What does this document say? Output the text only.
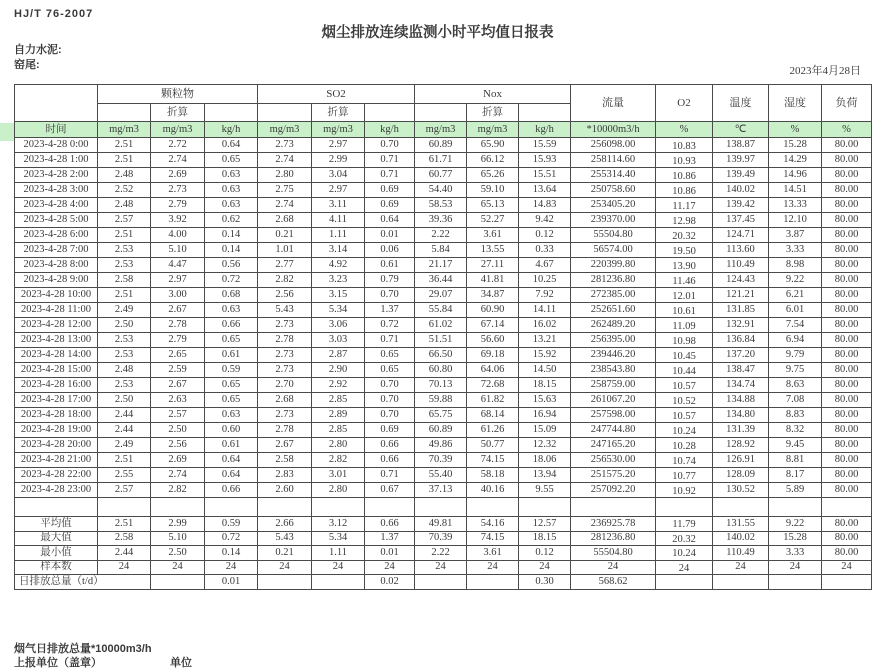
HJ/T 76-2007
烟尘排放连续监测小时平均值日报表
自力水泥:
窑尾:	2023年4月28日
	颗粒物			SO2			Nox			流量	O2	温度	湿度	负荷
		折算			折算			折算						
时间	mg/m3	mg/m3	kg/h	mg/m3	mg/m3	kg/h	mg/m3	mg/m3	kg/h	*10000m3/h	%	℃	%	%
2023-4-28 0:00	2.51	2.72	0.64	2.73	2.97	0.70	60.89	65.90	15.59	256098.00	10.83	138.87	15.28	80.00
2023-4-28 1:00	2.51	2.74	0.65	2.74	2.99	0.71	61.71	66.12	15.93	258114.60	10.93	139.97	14.29	80.00
2023-4-28 2:00	2.48	2.69	0.63	2.80	3.04	0.71	60.77	65.26	15.51	255314.40	10.86	139.49	14.96	80.00
2023-4-28 3:00	2.52	2.73	0.63	2.75	2.97	0.69	54.40	59.10	13.64	250758.60	10.86	140.02	14.51	80.00
2023-4-28 4:00	2.48	2.79	0.63	2.74	3.11	0.69	58.53	65.13	14.83	253405.20	11.17	139.42	13.33	80.00
2023-4-28 5:00	2.57	3.92	0.62	2.68	4.11	0.64	39.36	52.27	9.42	239370.00	12.98	137.45	12.10	80.00
2023-4-28 6:00	2.51	4.00	0.14	0.21	1.11	0.01	2.22	3.61	0.12	55504.80	20.32	124.71	3.87	80.00
2023-4-28 7:00	2.53	5.10	0.14	1.01	3.14	0.06	5.84	13.55	0.33	56574.00	19.50	113.60	3.33	80.00
2023-4-28 8:00	2.53	4.47	0.56	2.77	4.92	0.61	21.17	27.11	4.67	220399.80	13.90	110.49	8.98	80.00
2023-4-28 9:00	2.58	2.97	0.72	2.82	3.23	0.79	36.44	41.81	10.25	281236.80	11.46	124.43	9.22	80.00
2023-4-28 10:00	2.51	3.00	0.68	2.56	3.15	0.70	29.07	34.87	7.92	272385.00	12.01	121.21	6.21	80.00
2023-4-28 11:00	2.49	2.67	0.63	5.43	5.34	1.37	55.84	60.90	14.11	252651.60	10.61	131.85	6.01	80.00
2023-4-28 12:00	2.50	2.78	0.66	2.73	3.06	0.72	61.02	67.14	16.02	262489.20	11.09	132.91	7.54	80.00
2023-4-28 13:00	2.53	2.79	0.65	2.78	3.03	0.71	51.51	56.60	13.21	256395.00	10.98	136.84	6.94	80.00
2023-4-28 14:00	2.53	2.65	0.61	2.73	2.87	0.65	66.50	69.18	15.92	239446.20	10.45	137.20	9.79	80.00
2023-4-28 15:00	2.48	2.59	0.59	2.73	2.90	0.65	60.80	64.06	14.50	238543.80	10.44	138.47	9.75	80.00
2023-4-28 16:00	2.53	2.67	0.65	2.70	2.92	0.70	70.13	72.68	18.15	258759.00	10.57	134.74	8.63	80.00
2023-4-28 17:00	2.50	2.63	0.65	2.68	2.85	0.70	59.88	61.82	15.63	261067.20	10.52	134.88	7.08	80.00
2023-4-28 18:00	2.44	2.57	0.63	2.73	2.89	0.70	65.75	68.14	16.94	257598.00	10.57	134.80	8.83	80.00
2023-4-28 19:00	2.44	2.50	0.60	2.78	2.85	0.69	60.89	61.26	15.09	247744.80	10.24	131.39	8.32	80.00
2023-4-28 20:00	2.49	2.56	0.61	2.67	2.80	0.66	49.86	50.77	12.32	247165.20	10.28	128.92	9.45	80.00
2023-4-28 21:00	2.51	2.69	0.64	2.58	2.82	0.66	70.39	74.15	18.06	256530.00	10.74	126.91	8.81	80.00
2023-4-28 22:00	2.55	2.74	0.64	2.83	3.01	0.71	55.40	58.18	13.94	251575.20	10.77	128.09	8.17	80.00
2023-4-28 23:00	2.57	2.82	0.66	2.60	2.80	0.67	37.13	40.16	9.55	257092.20	10.92	130.52	5.89	80.00

平均值	2.51	2.99	0.59	2.66	3.12	0.66	49.81	54.16	12.57	236925.78	11.79	131.55	9.22	80.00
最大值	2.58	5.10	0.72	5.43	5.34	1.37	70.39	74.15	18.15	281236.80	20.32	140.02	15.28	80.00
最小值	2.44	2.50	0.14	0.21	1.11	0.01	2.22	3.61	0.12	55504.80	10.24	110.49	3.33	80.00
样本数	24	24	24	24	24	24	24	24	24	24	24	24	24	24
日排放总量（t/d）			0.01			0.02			0.30	568.62				
烟气日排放总量*10000m3/h
上报单位（盖章）	单位
